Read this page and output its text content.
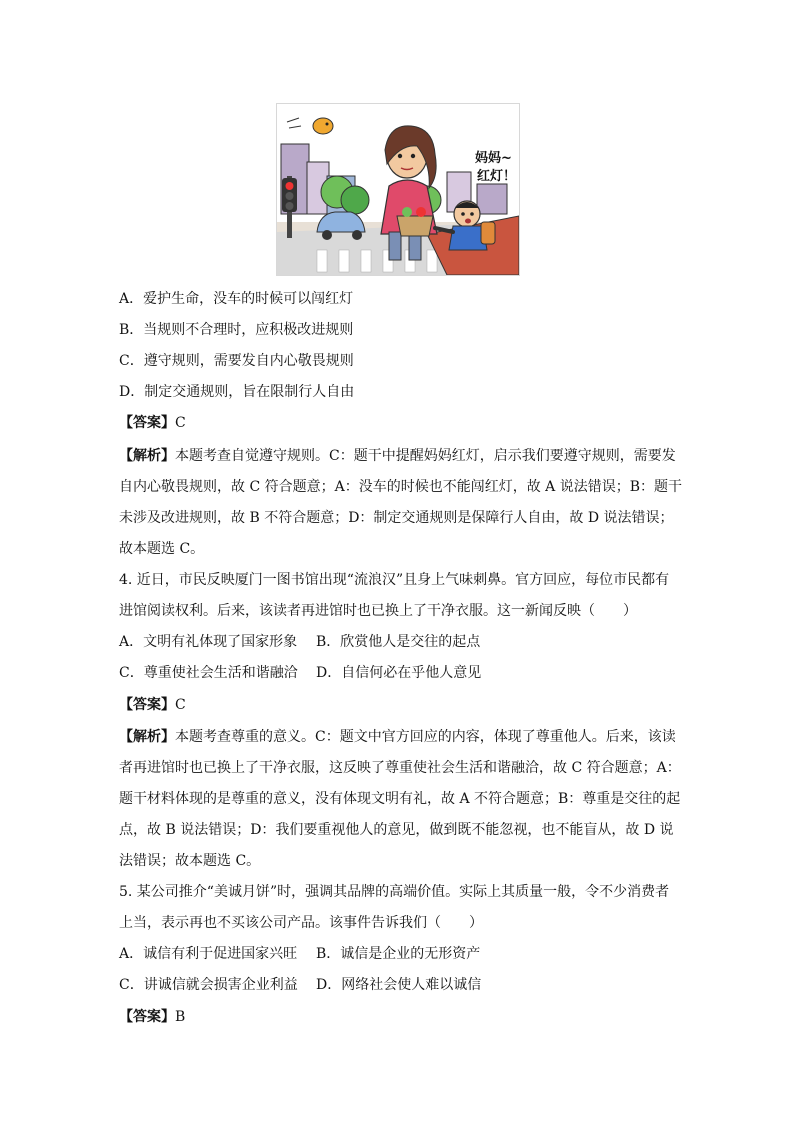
妈妈~
红灯！
A．爱护生命，没车的时候可以闯红灯
B．当规则不合理时，应积极改进规则
C．遵守规则，需要发自内心敬畏规则
D．制定交通规则，旨在限制行人自由
【答案】C
【解析】本题考查自觉遵守规则。C：题干中提醒妈妈红灯，启示我们要遵守规则，需要发
自内心敬畏规则，故 C 符合题意；A：没车的时候也不能闯红灯，故 A 说法错误；B：题干
未涉及改进规则，故 B 不符合题意；D：制定交通规则是保障行人自由，故 D 说法错误；
故本题选 C。
4. 近日，市民反映厦门一图书馆出现“流浪汉”且身上气味刺鼻。官方回应，每位市民都有
进馆阅读权利。后来，该读者再进馆时也已换上了干净衣服。这一新闻反映（　　）
A．文明有礼体现了国家形象 B．欣赏他人是交往的起点
C．尊重使社会生活和谐融洽 D．自信何必在乎他人意见
【答案】C
【解析】本题考查尊重的意义。C：题文中官方回应的内容，体现了尊重他人。后来，该读
者再进馆时也已换上了干净衣服，这反映了尊重使社会生活和谐融洽，故 C 符合题意；A：
题干材料体现的是尊重的意义，没有体现文明有礼，故 A 不符合题意；B：尊重是交往的起
点，故 B 说法错误；D：我们要重视他人的意见，做到既不能忽视，也不能盲从，故 D 说
法错误；故本题选 C。
5. 某公司推介“美诚月饼”时，强调其品牌的高端价值。实际上其质量一般，令不少消费者
上当，表示再也不买该公司产品。该事件告诉我们（　　）
A．诚信有利于促进国家兴旺 B．诚信是企业的无形资产
C．讲诚信就会损害企业利益 D．网络社会使人难以诚信
【答案】B
